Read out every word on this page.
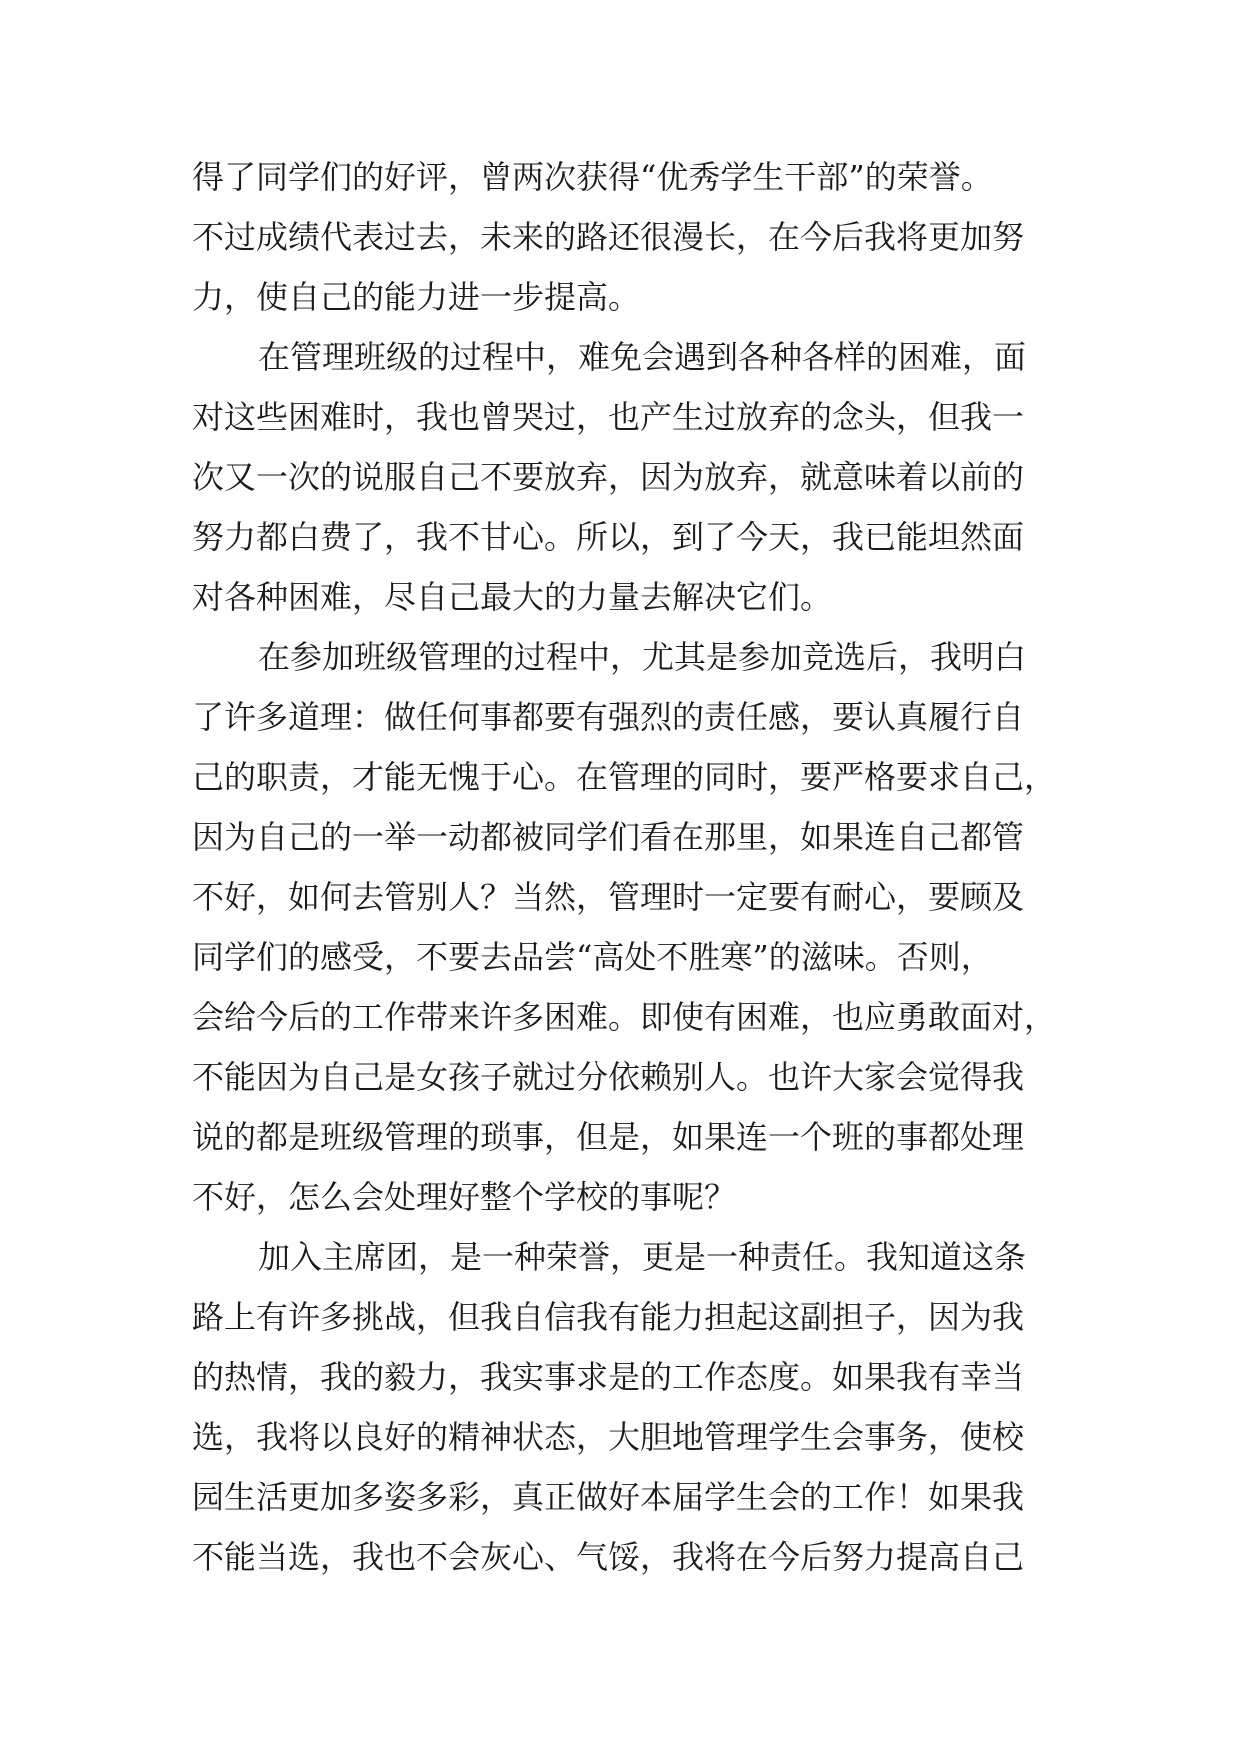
得了同学们的好评，曾两次获得“优秀学生干部”的荣誉。
不过成绩代表过去，未来的路还很漫长，在今后我将更加努
力，使自己的能力进一步提高。
在管理班级的过程中，难免会遇到各种各样的困难，面
对这些困难时，我也曾哭过，也产生过放弃的念头，但我一
次又一次的说服自己不要放弃，因为放弃，就意味着以前的
努力都白费了，我不甘心。所以，到了今天，我已能坦然面
对各种困难，尽自己最大的力量去解决它们。
在参加班级管理的过程中，尤其是参加竞选后，我明白
了许多道理：做任何事都要有强烈的责任感，要认真履行自
己的职责，才能无愧于心。在管理的同时，要严格要求自己，
因为自己的一举一动都被同学们看在那里，如果连自己都管
不好，如何去管别人？当然，管理时一定要有耐心，要顾及
同学们的感受，不要去品尝“高处不胜寒”的滋味。否则，
会给今后的工作带来许多困难。即使有困难，也应勇敢面对，
不能因为自己是女孩子就过分依赖别人。也许大家会觉得我
说的都是班级管理的琐事，但是，如果连一个班的事都处理
不好，怎么会处理好整个学校的事呢？
加入主席团，是一种荣誉，更是一种责任。我知道这条
路上有许多挑战，但我自信我有能力担起这副担子，因为我
的热情，我的毅力，我实事求是的工作态度。如果我有幸当
选，我将以良好的精神状态，大胆地管理学生会事务，使校
园生活更加多姿多彩，真正做好本届学生会的工作！如果我
不能当选，我也不会灰心、气馁，我将在今后努力提高自己
